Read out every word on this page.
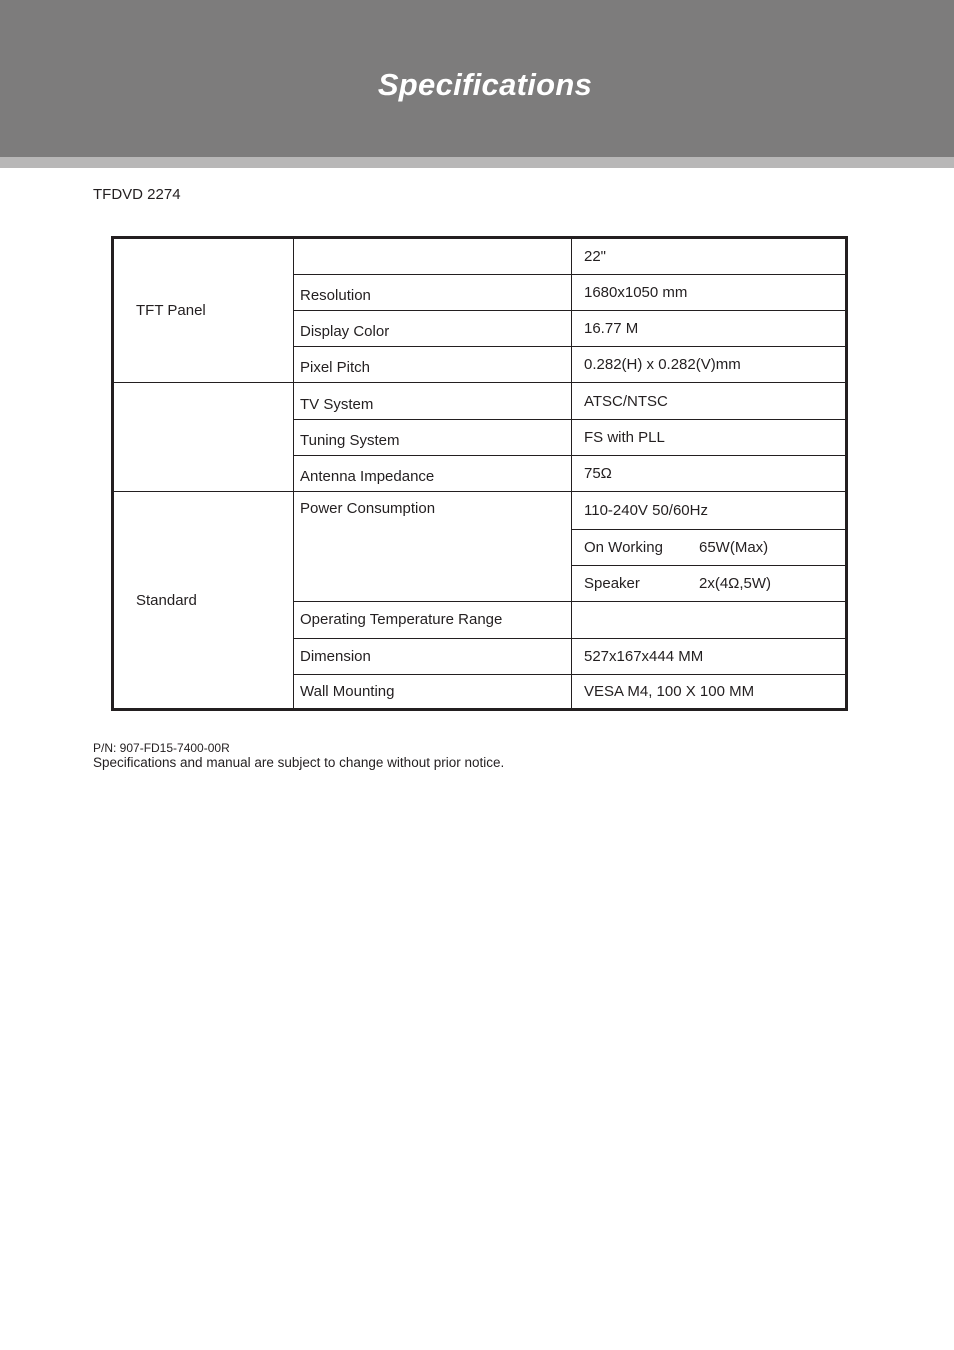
Specifications
TFDVD 2274
TFT Panel		22"
	Resolution	1680x1050 mm
	Display Color	16.77 M
	Pixel Pitch	0.282(H) x 0.282(V)mm
	TV System	ATSC/NTSC
	Tuning System	FS with PLL
	Antenna Impedance	75Ω
Standard	Power Consumption	110-240V 50/60Hz
		On Working 65W(Max)
		Speaker 2x(4Ω,5W)
	Operating Temperature Range	
	Dimension	527x167x444 MM
	Wall Mounting	VESA M4, 100 X 100 MM
P/N: 907-FD15-7400-00R
Specifications and manual are subject to change without prior notice.
